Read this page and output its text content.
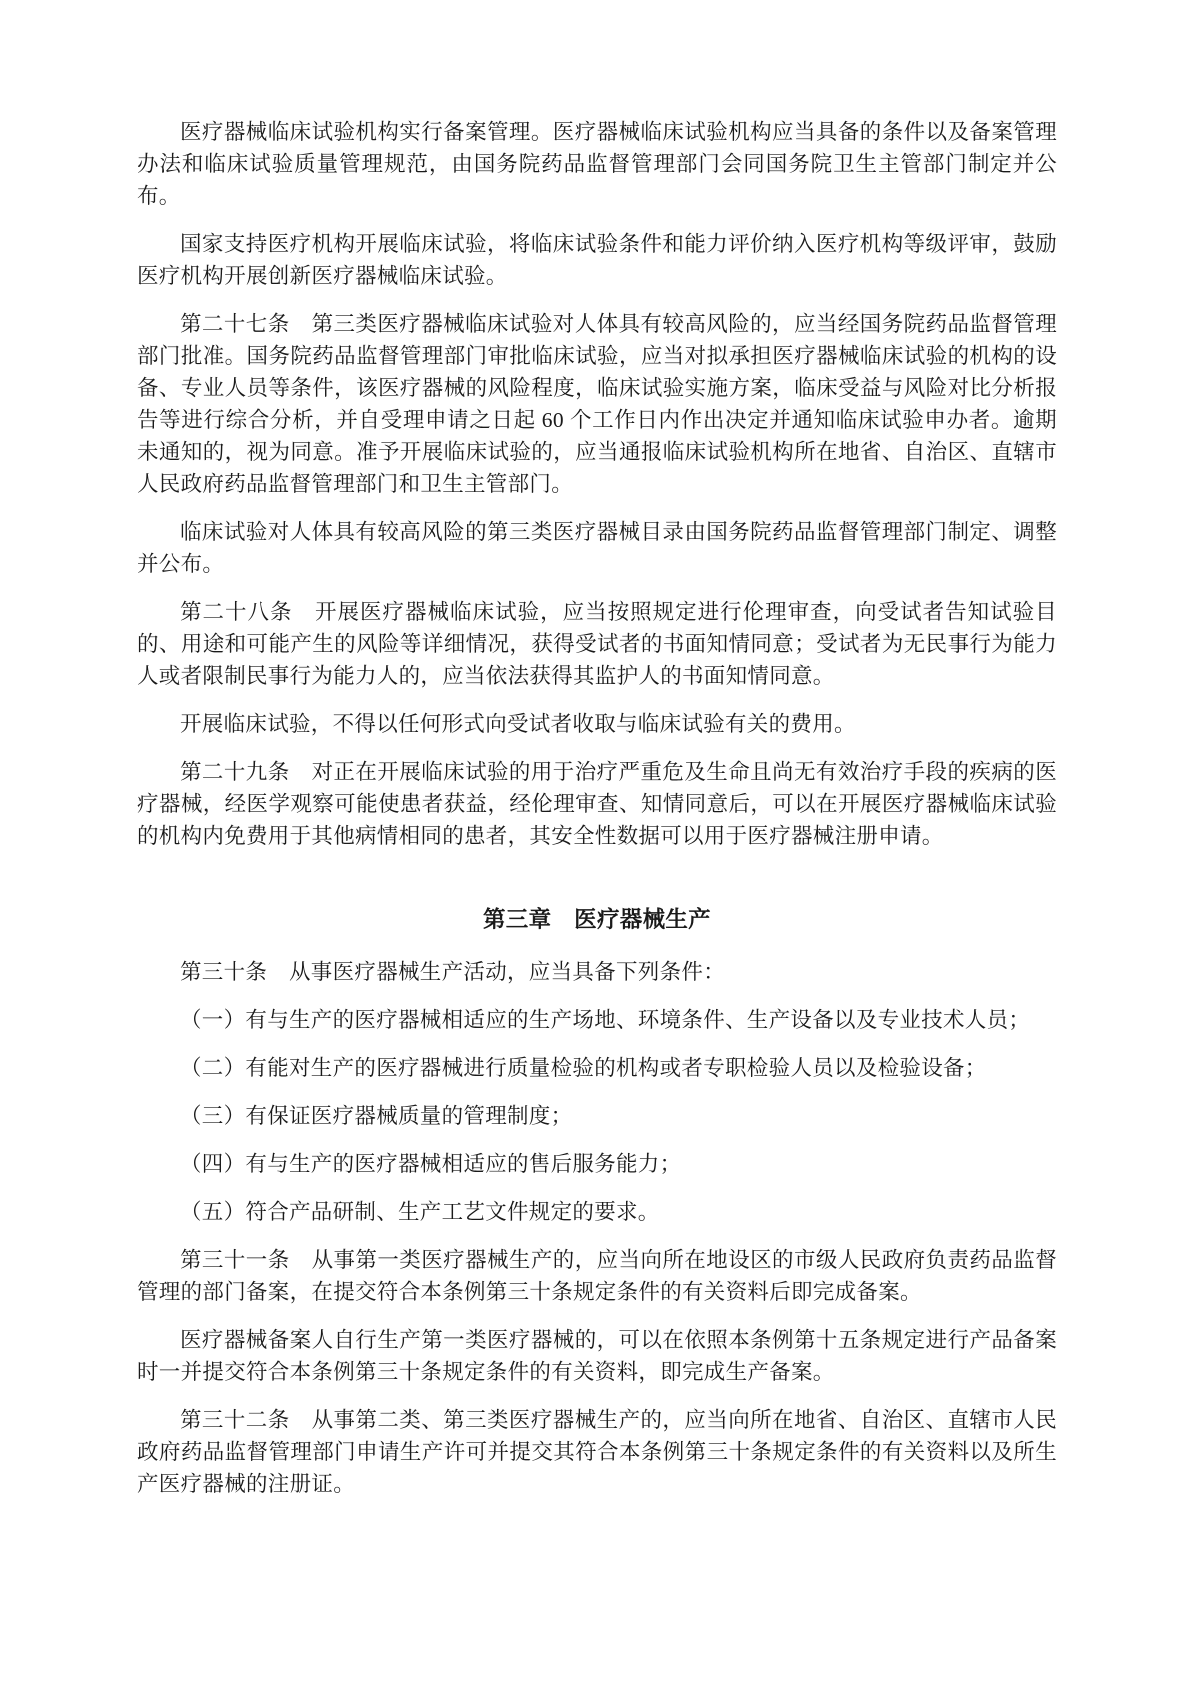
医疗器械临床试验机构实行备案管理。医疗器械临床试验机构应当具备的条件以及备案管理办法和临床试验质量管理规范，由国务院药品监督管理部门会同国务院卫生主管部门制定并公布。

国家支持医疗机构开展临床试验，将临床试验条件和能力评价纳入医疗机构等级评审，鼓励医疗机构开展创新医疗器械临床试验。

第二十七条　第三类医疗器械临床试验对人体具有较高风险的，应当经国务院药品监督管理部门批准。国务院药品监督管理部门审批临床试验，应当对拟承担医疗器械临床试验的机构的设备、专业人员等条件，该医疗器械的风险程度，临床试验实施方案，临床受益与风险对比分析报告等进行综合分析，并自受理申请之日起 60 个工作日内作出决定并通知临床试验申办者。逾期未通知的，视为同意。准予开展临床试验的，应当通报临床试验机构所在地省、自治区、直辖市人民政府药品监督管理部门和卫生主管部门。

临床试验对人体具有较高风险的第三类医疗器械目录由国务院药品监督管理部门制定、调整并公布。

第二十八条　开展医疗器械临床试验，应当按照规定进行伦理审查，向受试者告知试验目的、用途和可能产生的风险等详细情况，获得受试者的书面知情同意；受试者为无民事行为能力人或者限制民事行为能力人的，应当依法获得其监护人的书面知情同意。

开展临床试验，不得以任何形式向受试者收取与临床试验有关的费用。

第二十九条　对正在开展临床试验的用于治疗严重危及生命且尚无有效治疗手段的疾病的医疗器械，经医学观察可能使患者获益，经伦理审查、知情同意后，可以在开展医疗器械临床试验的机构内免费用于其他病情相同的患者，其安全性数据可以用于医疗器械注册申请。

第三章　医疗器械生产

第三十条　从事医疗器械生产活动，应当具备下列条件：

（一）有与生产的医疗器械相适应的生产场地、环境条件、生产设备以及专业技术人员；

（二）有能对生产的医疗器械进行质量检验的机构或者专职检验人员以及检验设备；

（三）有保证医疗器械质量的管理制度；

（四）有与生产的医疗器械相适应的售后服务能力；

（五）符合产品研制、生产工艺文件规定的要求。

第三十一条　从事第一类医疗器械生产的，应当向所在地设区的市级人民政府负责药品监督管理的部门备案，在提交符合本条例第三十条规定条件的有关资料后即完成备案。

医疗器械备案人自行生产第一类医疗器械的，可以在依照本条例第十五条规定进行产品备案时一并提交符合本条例第三十条规定条件的有关资料，即完成生产备案。

第三十二条　从事第二类、第三类医疗器械生产的，应当向所在地省、自治区、直辖市人民政府药品监督管理部门申请生产许可并提交其符合本条例第三十条规定条件的有关资料以及所生产医疗器械的注册证。
